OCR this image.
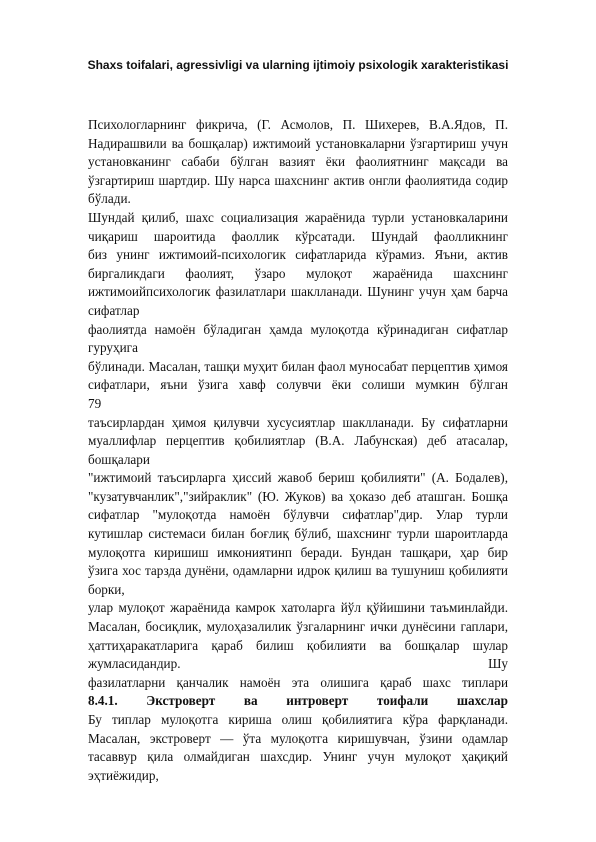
Shaxs toifalari, agressivligi va ularning ijtimoiy psixologik xarakteristikasi
Психологларнинг фикрича, (Г. Асмолов, П. Шихерев, В.А.Ядов, П.
Надирашвили ва бошқалар) ижтимоий установкаларни ўзгартириш учун
установканинг сабаби бўлган вазият ёки фаолиятнинг мақсади ва
ўзгартириш шартдир. Шу нарса шахснинг актив онгли фаолиятида содир
бўлади.
Шундай қилиб, шахс социализация жараёнида турли установкаларини
чиқариш шароитида фаоллик кўрсатади. Шундай фаолликнинг
биз унинг ижтимоий-психологик сифатларида кўрамиз. Яъни, актив
биргаликдаги фаолият, ўзаро мулоқот жараёнида шахснинг
ижтимоийпсихологик фазилатлари шаклланади. Шунинг учун ҳам барча
сифатлар
фаолиятда намоён бўладиган ҳамда мулоқотда кўринадиган сифатлар
гуруҳига
бўлинади. Масалан, ташқи муҳит билан фаол муносабат перцептив ҳимоя
сифатлари, яъни ўзига хавф солувчи ёки солиши мумкин бўлган
79
таъсирлардан ҳимоя қилувчи хусусиятлар шаклланади. Бу сифатларни
муаллифлар перцептив қобилиятлар (В.А. Лабунская) деб атасалар,
бошқалари
"ижтимоий таъсирларга ҳиссий жавоб бериш қобилияти" (А. Бодалев),
"кузатувчанлик","зийраклик" (Ю. Жуков) ва ҳоказо деб аташган. Бошқа
сифатлар "мулоқотда намоён бўлувчи сифатлар"дир. Улар турли
кутишлар системаси билан боғлиқ бўлиб, шахснинг турли шароитларда
мулоқотга киришиш имкониятинп беради. Бундан ташқари, ҳар бир
ўзига хос тарзда дунёни, одамларни идрок қилиш ва тушуниш қобилияти
борки,
улар мулоқот жараёнида камрок хатоларга йўл қўйишини таъминлайди.
Масалан, босиқлик, мулоҳазалилик ўзгаларнинг ички дунёсини гаплари,
ҳаттиҳаракатларига қараб билиш қобилияти ва бошқалар шулар
жумласидандир. Шу
фазилатларни қанчалик намоён эта олишига қараб шахс типлари
8.4.1. Экстроверт ва интроверт тоифали шахслар
Бу типлар мулоқотга кириша олиш қобилиятига кўра фарқланади.
Масалан, экстроверт — ўта мулоқотга киришувчан, ўзини одамлар
тасаввур қила олмайдиган шахсдир. Унинг учун мулоқот ҳақиқий
эҳтиёжидир,
